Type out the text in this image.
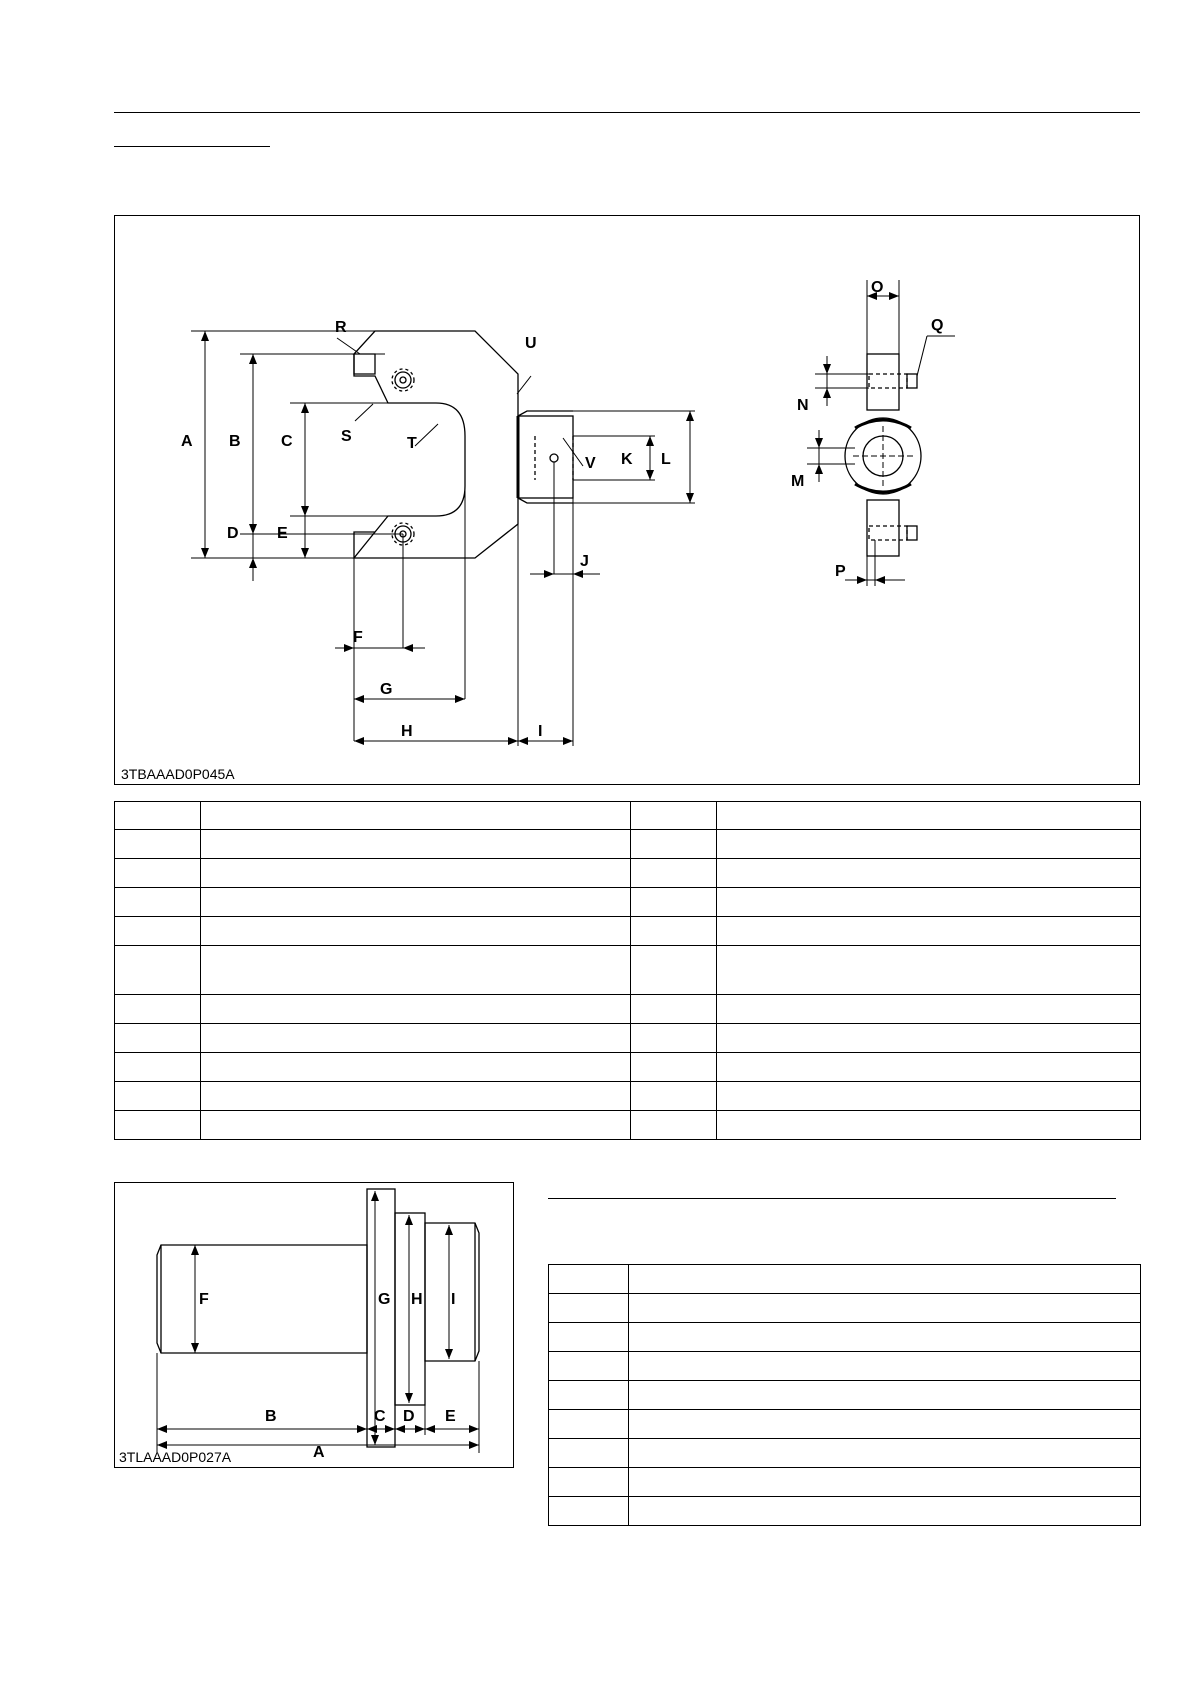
A B	C
D E
F
G
H	I
J
K L
M
N
O
P
Q
R
S	T
U
V
3TBAAAD0P045A

F	G H I
B	C D E
A
3TLAAAD0P027A
